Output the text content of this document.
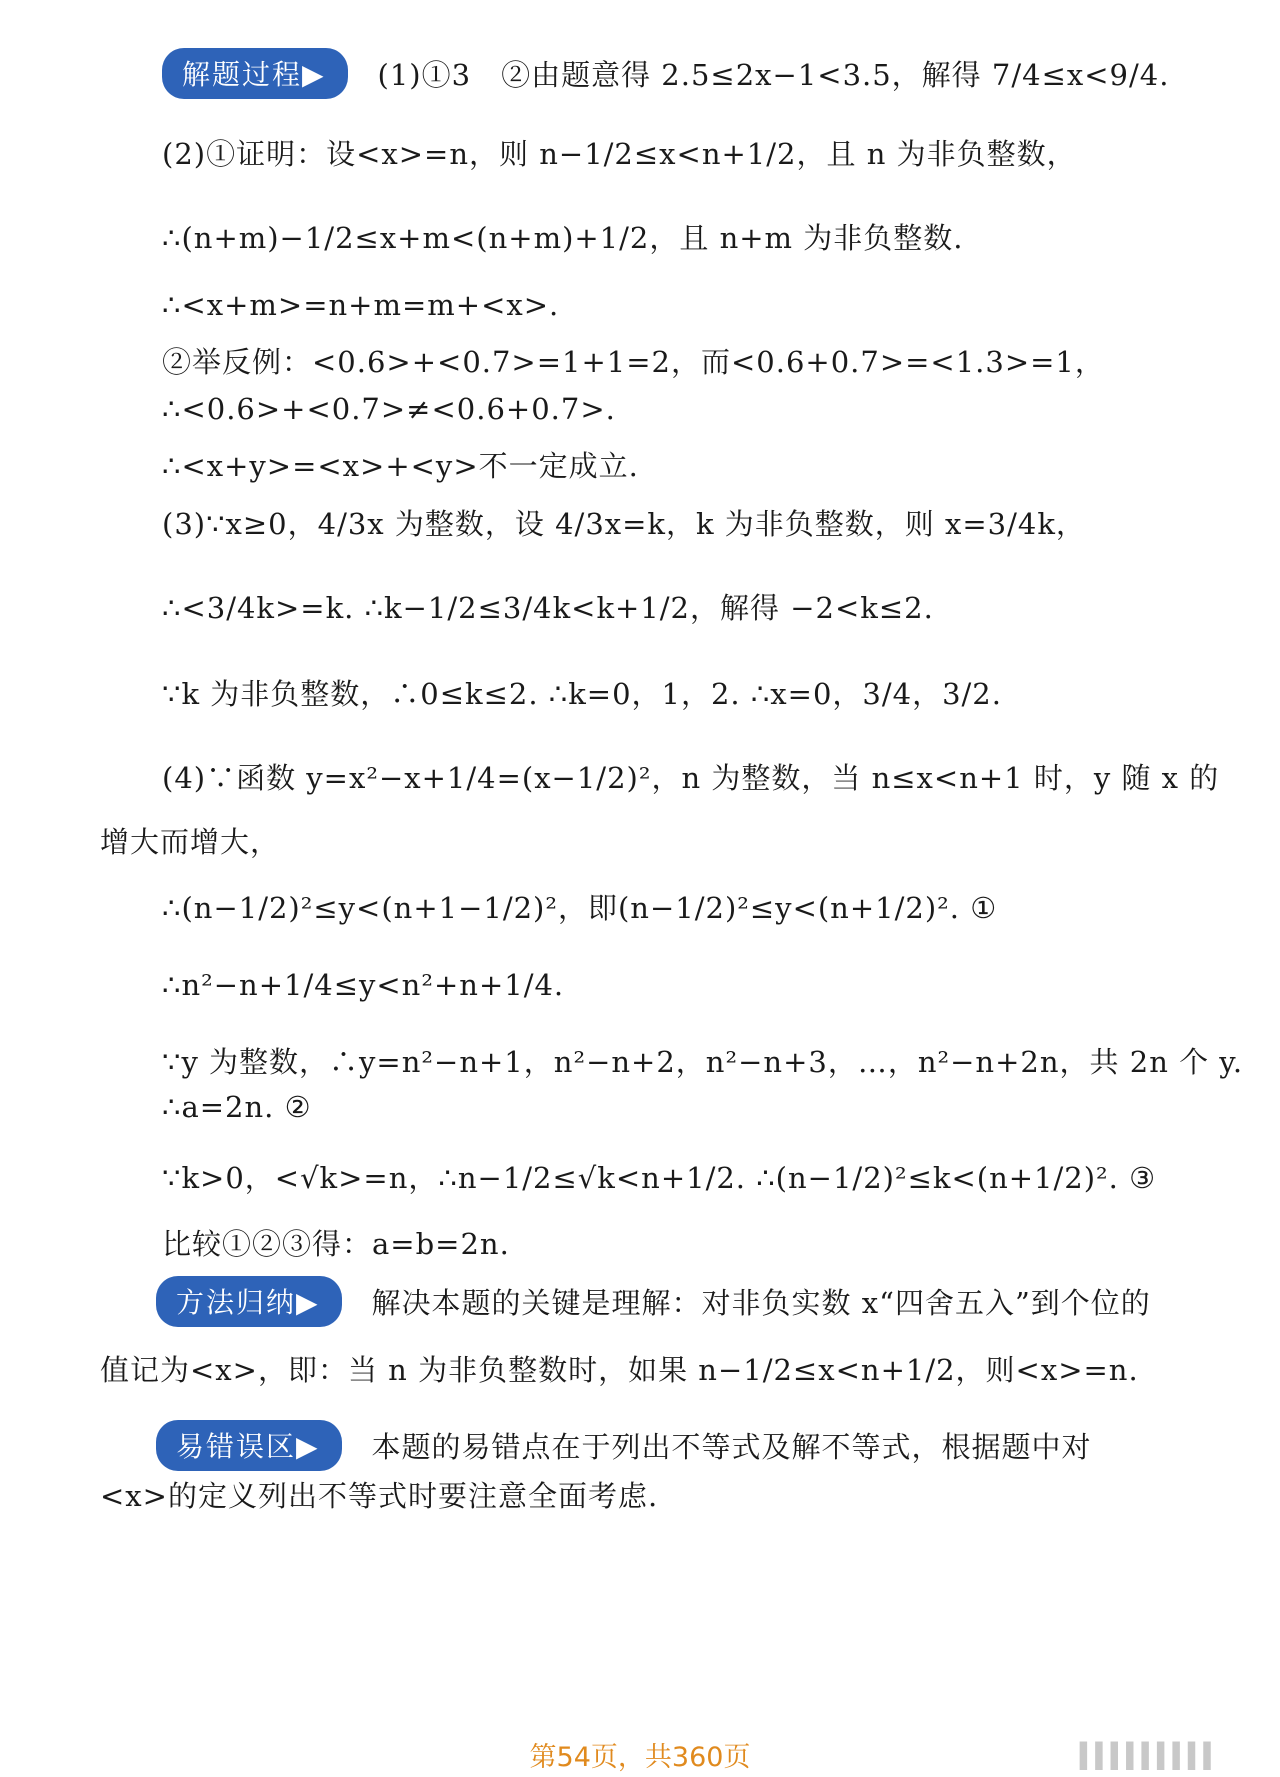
解题过程▶	(1)①3　②由题意得 2.5≤2x−1<3.5，解得 7/4≤x<9/4.
(2)①证明：设<x>=n，则 n−1/2≤x<n+1/2，且 n 为非负整数，
∴(n+m)−1/2≤x+m<(n+m)+1/2，且 n+m 为非负整数.
∴<x+m>=n+m=m+<x>.
②举反例：<0.6>+<0.7>=1+1=2，而<0.6+0.7>=<1.3>=1，
∴<0.6>+<0.7>≠<0.6+0.7>.
∴<x+y>=<x>+<y>不一定成立.
(3)∵x≥0，4/3x 为整数，设 4/3x=k，k 为非负整数，则 x=3/4k，
∴<3/4k>=k. ∴k−1/2≤3/4k<k+1/2，解得 −2<k≤2.
∵k 为非负整数，∴0≤k≤2. ∴k=0，1，2. ∴x=0，3/4，3/2.
(4)∵函数 y=x²−x+1/4=(x−1/2)²，n 为整数，当 n≤x<n+1 时，y 随 x 的
增大而增大，
∴(n−1/2)²≤y<(n+1−1/2)²，即(n−1/2)²≤y<(n+1/2)². ①
∴n²−n+1/4≤y<n²+n+1/4.
∵y 为整数，∴y=n²−n+1，n²−n+2，n²−n+3，…，n²−n+2n，共 2n 个 y.
∴a=2n. ②
∵k>0，<√k>=n，∴n−1/2≤√k<n+1/2. ∴(n−1/2)²≤k<(n+1/2)². ③
比较①②③得：a=b=2n.
方法归纳▶	解决本题的关键是理解：对非负实数 x“四舍五入”到个位的
值记为<x>，即：当 n 为非负整数时，如果 n−1/2≤x<n+1/2，则<x>=n.
易错误区▶	本题的易错点在于列出不等式及解不等式，根据题中对
<x>的定义列出不等式时要注意全面考虑.
第54页，共360页	▌▌▌▌▌▌▌▌▌
